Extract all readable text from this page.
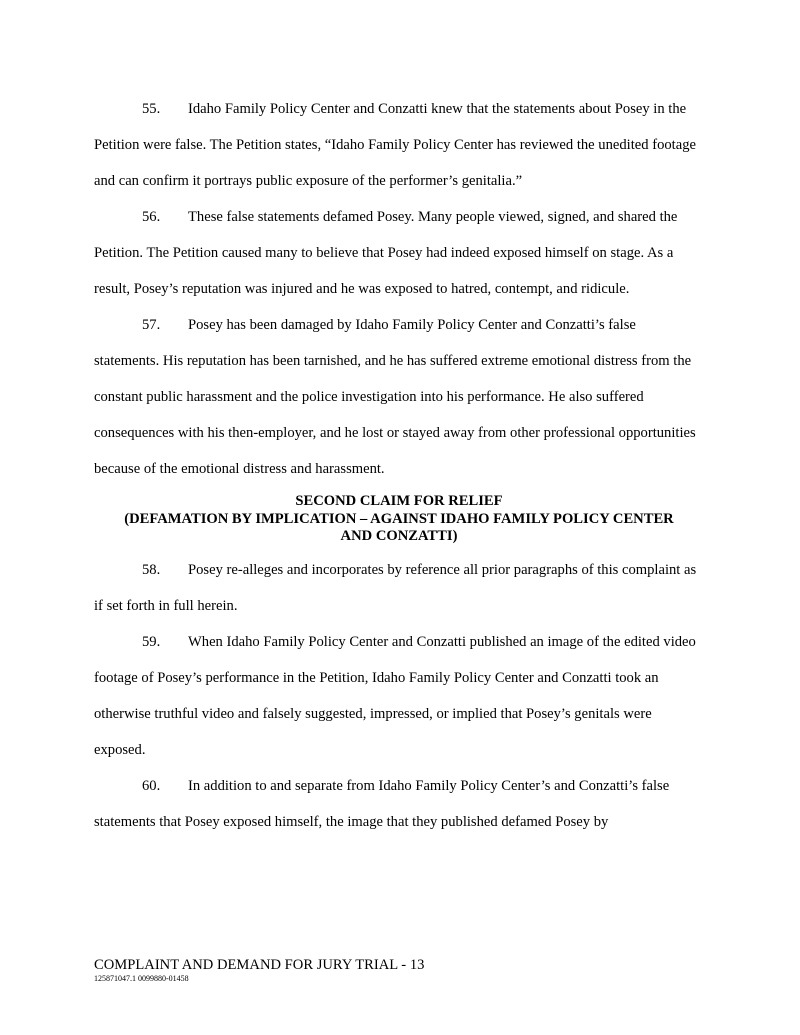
55. Idaho Family Policy Center and Conzatti knew that the statements about Posey in the Petition were false. The Petition states, “Idaho Family Policy Center has reviewed the unedited footage and can confirm it portrays public exposure of the performer’s genitalia.”

56. These false statements defamed Posey. Many people viewed, signed, and shared the Petition. The Petition caused many to believe that Posey had indeed exposed himself on stage. As a result, Posey’s reputation was injured and he was exposed to hatred, contempt, and ridicule.

57. Posey has been damaged by Idaho Family Policy Center and Conzatti’s false statements. His reputation has been tarnished, and he has suffered extreme emotional distress from the constant public harassment and the police investigation into his performance. He also suffered consequences with his then-employer, and he lost or stayed away from other professional opportunities because of the emotional distress and harassment.

SECOND CLAIM FOR RELIEF
(DEFAMATION BY IMPLICATION – AGAINST IDAHO FAMILY POLICY CENTER
AND CONZATTI)

58. Posey re-alleges and incorporates by reference all prior paragraphs of this complaint as if set forth in full herein.

59. When Idaho Family Policy Center and Conzatti published an image of the edited video footage of Posey’s performance in the Petition, Idaho Family Policy Center and Conzatti took an otherwise truthful video and falsely suggested, impressed, or implied that Posey’s genitals were exposed.

60. In addition to and separate from Idaho Family Policy Center’s and Conzatti’s false statements that Posey exposed himself, the image that they published defamed Posey by

COMPLAINT AND DEMAND FOR JURY TRIAL - 13

125871047.1 0099880-01458
